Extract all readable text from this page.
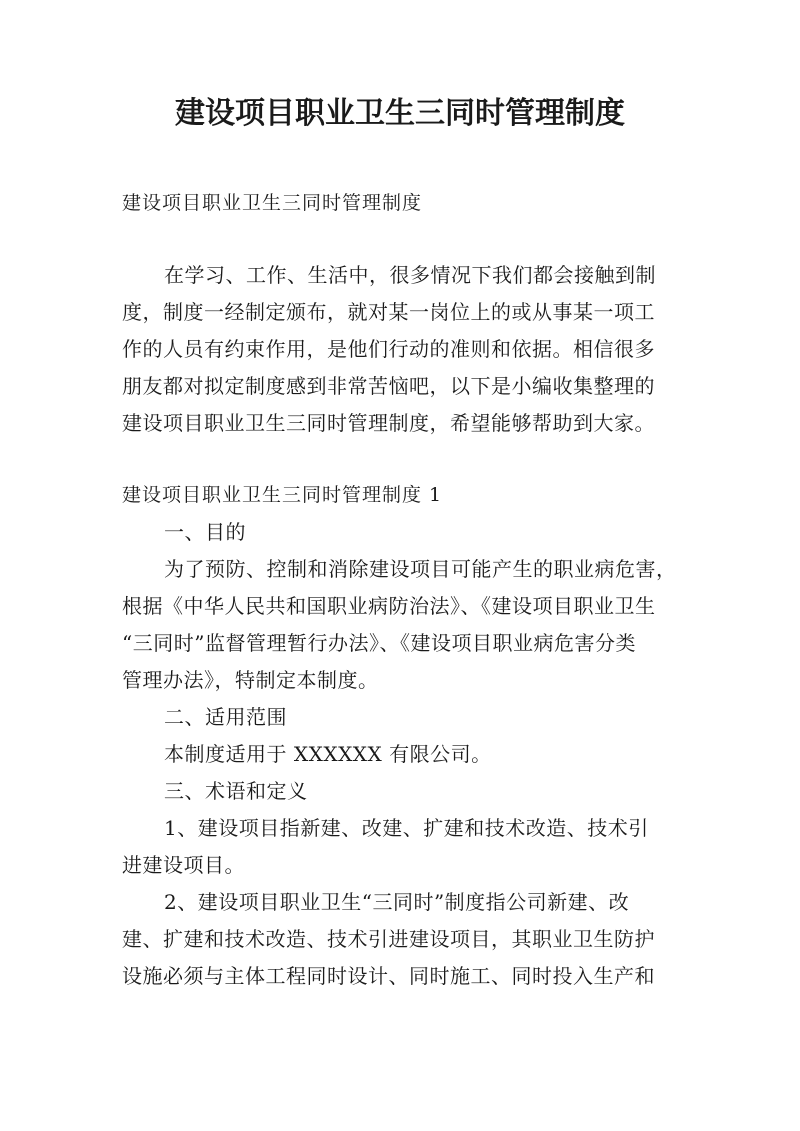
建设项目职业卫生三同时管理制度

建设项目职业卫生三同时管理制度

在学习、工作、生活中，很多情况下我们都会接触到制
度，制度一经制定颁布，就对某一岗位上的或从事某一项工
作的人员有约束作用，是他们行动的准则和依据。相信很多
朋友都对拟定制度感到非常苦恼吧，以下是小编收集整理的
建设项目职业卫生三同时管理制度，希望能够帮助到大家。
建设项目职业卫生三同时管理制度 1
一、目的
为了预防、控制和消除建设项目可能产生的职业病危害，
根据《中华人民共和国职业病防治法》、《建设项目职业卫生
“三同时”监督管理暂行办法》、《建设项目职业病危害分类
管理办法》，特制定本制度。
二、适用范围
本制度适用于 XXXXXX 有限公司。
三、术语和定义
1、建设项目指新建、改建、扩建和技术改造、技术引
进建设项目。
2、建设项目职业卫生“三同时”制度指公司新建、改
建、扩建和技术改造、技术引进建设项目，其职业卫生防护
设施必须与主体工程同时设计、同时施工、同时投入生产和
